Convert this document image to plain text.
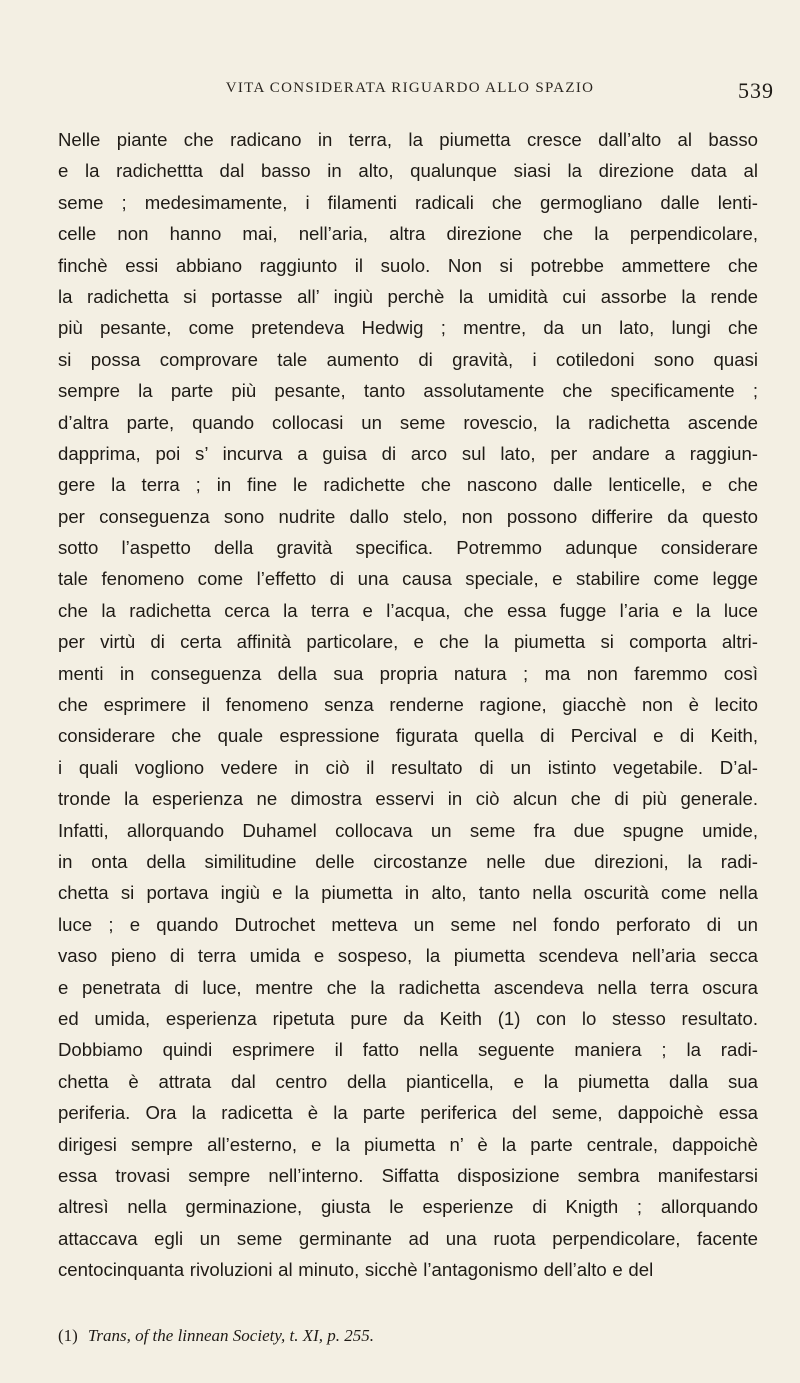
VITA CONSIDERATA RIGUARDO ALLO SPAZIO	539
Nelle piante che radicano in terra, la piumetta cresce dall’alto al basso
e la radichettta dal basso in alto, qualunque siasi la direzione data al
seme ; medesimamente, i filamenti radicali che germogliano dalle lenti-
celle non hanno mai, nell’aria, altra direzione che la perpendicolare,
finchè essi abbiano raggiunto il suolo. Non si potrebbe ammettere che
la radichetta si portasse all’ ingiù perchè la umidità cui assorbe la rende
più pesante, come pretendeva Hedwig ; mentre, da un lato, lungi che
si possa comprovare tale aumento di gravità, i cotiledoni sono quasi
sempre la parte più pesante, tanto assolutamente che specificamente ;
d’altra parte, quando collocasi un seme rovescio, la radichetta ascende
dapprima, poi s’ incurva a guisa di arco sul lato, per andare a raggiun-
gere la terra ; in fine le radichette che nascono dalle lenticelle, e che
per conseguenza sono nudrite dallo stelo, non possono differire da questo
sotto l’aspetto della gravità specifica. Potremmo adunque considerare
tale fenomeno come l’effetto di una causa speciale, e stabilire come legge
che la radichetta cerca la terra e l’acqua, che essa fugge l’aria e la luce
per virtù di certa affinità particolare, e che la piumetta si comporta altri-
menti in conseguenza della sua propria natura ; ma non faremmo così
che esprimere il fenomeno senza renderne ragione, giacchè non è lecito
considerare che quale espressione figurata quella di Percival e di Keith,
i quali vogliono vedere in ciò il resultato di un istinto vegetabile. D’al-
tronde la esperienza ne dimostra esservi in ciò alcun che di più generale.
Infatti, allorquando Duhamel collocava un seme fra due spugne umide,
in onta della similitudine delle circostanze nelle due direzioni, la radi-
chetta si portava ingiù e la piumetta in alto, tanto nella oscurità come nella
luce ; e quando Dutrochet metteva un seme nel fondo perforato di un
vaso pieno di terra umida e sospeso, la piumetta scendeva nell’aria secca
e penetrata di luce, mentre che la radichetta ascendeva nella terra oscura
ed umida, esperienza ripetuta pure da Keith (1) con lo stesso resultato.
Dobbiamo quindi esprimere il fatto nella seguente maniera ; la radi-
chetta è attrata dal centro della pianticella, e la piumetta dalla sua
periferia. Ora la radicetta è la parte periferica del seme, dappoichè essa
dirigesi sempre all’esterno, e la piumetta n’ è la parte centrale, dappoichè
essa trovasi sempre nell’interno. Siffatta disposizione sembra manifestarsi
altresì nella germinazione, giusta le esperienze di Knigth ; allorquando
attaccava egli un seme germinante ad una ruota perpendicolare, facente
centocinquanta rivoluzioni al minuto, sicchè l’antagonismo dell’alto e del
(1) Trans, of the linnean Society, t. XI, p. 255.
